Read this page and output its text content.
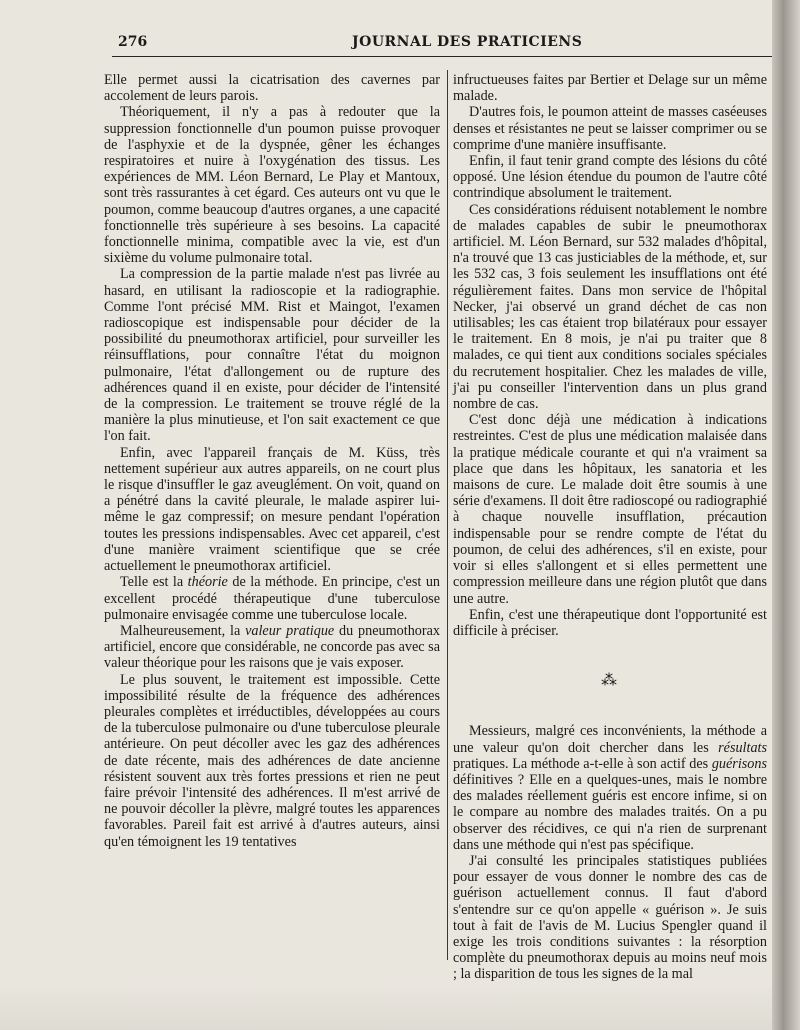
276	JOURNAL DES PRATICIENS

Elle permet aussi la cicatrisation des cavernes par accolement de leurs parois.

Théoriquement, il n'y a pas à redouter que la suppression fonctionnelle d'un poumon puisse provoquer de l'asphyxie et de la dyspnée, gêner les échanges respiratoires et nuire à l'oxygénation des tissus. Les expériences de MM. Léon Bernard, Le Play et Mantoux, sont très rassurantes à cet égard. Ces auteurs ont vu que le poumon, comme beaucoup d'autres organes, a une capacité fonctionnelle très supérieure à ses besoins. La capacité fonctionnelle minima, compatible avec la vie, est d'un sixième du volume pulmonaire total.

La compression de la partie malade n'est pas livrée au hasard, en utilisant la radioscopie et la radiographie. Comme l'ont précisé MM. Rist et Maingot, l'examen radioscopique est indispensable pour décider de la possibilité du pneumothorax artificiel, pour surveiller les réinsufflations, pour connaître l'état du moignon pulmonaire, l'état d'allongement ou de rupture des adhérences quand il en existe, pour décider de l'intensité de la compression. Le traitement se trouve réglé de la manière la plus minutieuse, et l'on sait exactement ce que l'on fait.

Enfin, avec l'appareil français de M. Küss, très nettement supérieur aux autres appareils, on ne court plus le risque d'insuffler le gaz aveuglément. On voit, quand on a pénétré dans la cavité pleurale, le malade aspirer lui-même le gaz compressif; on mesure pendant l'opération toutes les pressions indispensables. Avec cet appareil, c'est d'une manière vraiment scientifique que se crée actuellement le pneumothorax artificiel.

Telle est la théorie de la méthode. En principe, c'est un excellent procédé thérapeutique d'une tuberculose pulmonaire envisagée comme une tuberculose locale.

Malheureusement, la valeur pratique du pneumothorax artificiel, encore que considérable, ne concorde pas avec sa valeur théorique pour les raisons que je vais exposer.

Le plus souvent, le traitement est impossible. Cette impossibilité résulte de la fréquence des adhérences pleurales complètes et irréductibles, développées au cours de la tuberculose pulmonaire ou d'une tuberculose pleurale antérieure. On peut décoller avec les gaz des adhérences de date récente, mais des adhérences de date ancienne résistent souvent aux très fortes pressions et rien ne peut faire prévoir l'intensité des adhérences. Il m'est arrivé de ne pouvoir décoller la plèvre, malgré toutes les apparences favorables. Pareil fait est arrivé à d'autres auteurs, ainsi qu'en témoignent les 19 tentatives

infructueuses faites par Bertier et Delage sur un même malade.

D'autres fois, le poumon atteint de masses caséeuses denses et résistantes ne peut se laisser comprimer ou se comprime d'une manière insuffisante.

Enfin, il faut tenir grand compte des lésions du côté opposé. Une lésion étendue du poumon de l'autre côté contrindique absolument le traitement.

Ces considérations réduisent notablement le nombre de malades capables de subir le pneumothorax artificiel. M. Léon Bernard, sur 532 malades d'hôpital, n'a trouvé que 13 cas justiciables de la méthode, et, sur les 532 cas, 3 fois seulement les insufflations ont été régulièrement faites. Dans mon service de l'hôpital Necker, j'ai observé un grand déchet de cas non utilisables; les cas étaient trop bilatéraux pour essayer le traitement. En 8 mois, je n'ai pu traiter que 8 malades, ce qui tient aux conditions sociales spéciales du recrutement hospitalier. Chez les malades de ville, j'ai pu conseiller l'intervention dans un plus grand nombre de cas.

C'est donc déjà une médication à indications restreintes. C'est de plus une médication malaisée dans la pratique médicale courante et qui n'a vraiment sa place que dans les hôpitaux, les sanatoria et les maisons de cure. Le malade doit être soumis à une série d'examens. Il doit être radioscopé ou radiographié à chaque nouvelle insufflation, précaution indispensable pour se rendre compte de l'état du poumon, de celui des adhérences, s'il en existe, pour voir si elles s'allongent et si elles permettent une compression meilleure dans une région plutôt que dans une autre.

Enfin, c'est une thérapeutique dont l'opportunité est difficile à préciser.

⁂

Messieurs, malgré ces inconvénients, la méthode a une valeur qu'on doit chercher dans les résultats pratiques. La méthode a-t-elle à son actif des guérisons définitives ? Elle en a quelques-unes, mais le nombre des malades réellement guéris est encore infime, si on le compare au nombre des malades traités. On a pu observer des récidives, ce qui n'a rien de surprenant dans une méthode qui n'est pas spécifique.

J'ai consulté les principales statistiques publiées pour essayer de vous donner le nombre des cas de guérison actuellement connus. Il faut d'abord s'entendre sur ce qu'on appelle « guérison ». Je suis tout à fait de l'avis de M. Lucius Spengler quand il exige les trois conditions suivantes : la résorption complète du pneumothorax depuis au moins neuf mois ; la disparition de tous les signes de la mal
